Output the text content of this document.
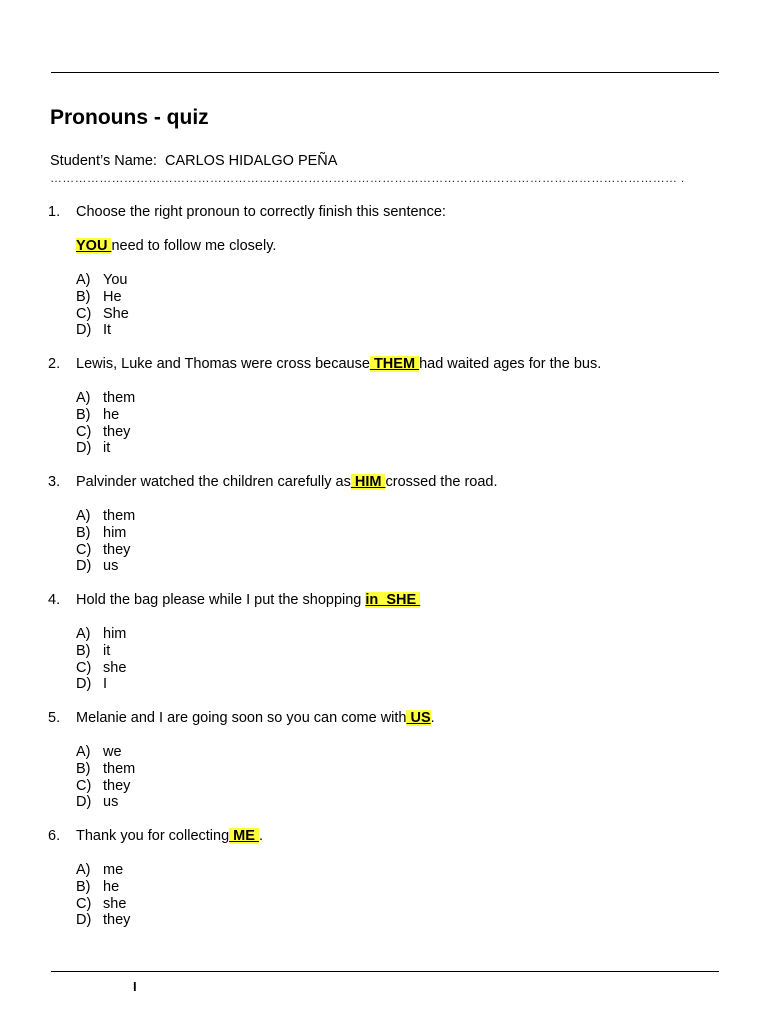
Pronouns - quiz
Student’s Name: CARLOS HIDALGO PEÑA
……………………………………………………………………………………………………………………………………… .
1. Choose the right pronoun to correctly finish this sentence:
YOU need to follow me closely.
A) You
B) He
C) She
D) It
2. Lewis, Luke and Thomas were cross because THEM had waited ages for the bus.
A) them
B) he
C) they
D) it
3. Palvinder watched the children carefully as HIM crossed the road.
A) them
B) him
C) they
D) us
4. Hold the bag please while I put the shopping in  SHE
A) him
B) it
C) she
D) I
5. Melanie and I are going soon so you can come with US.
A) we
B) them
C) they
D) us
6. Thank you for collecting ME .
A) me
B) he
C) she
D) they
I
